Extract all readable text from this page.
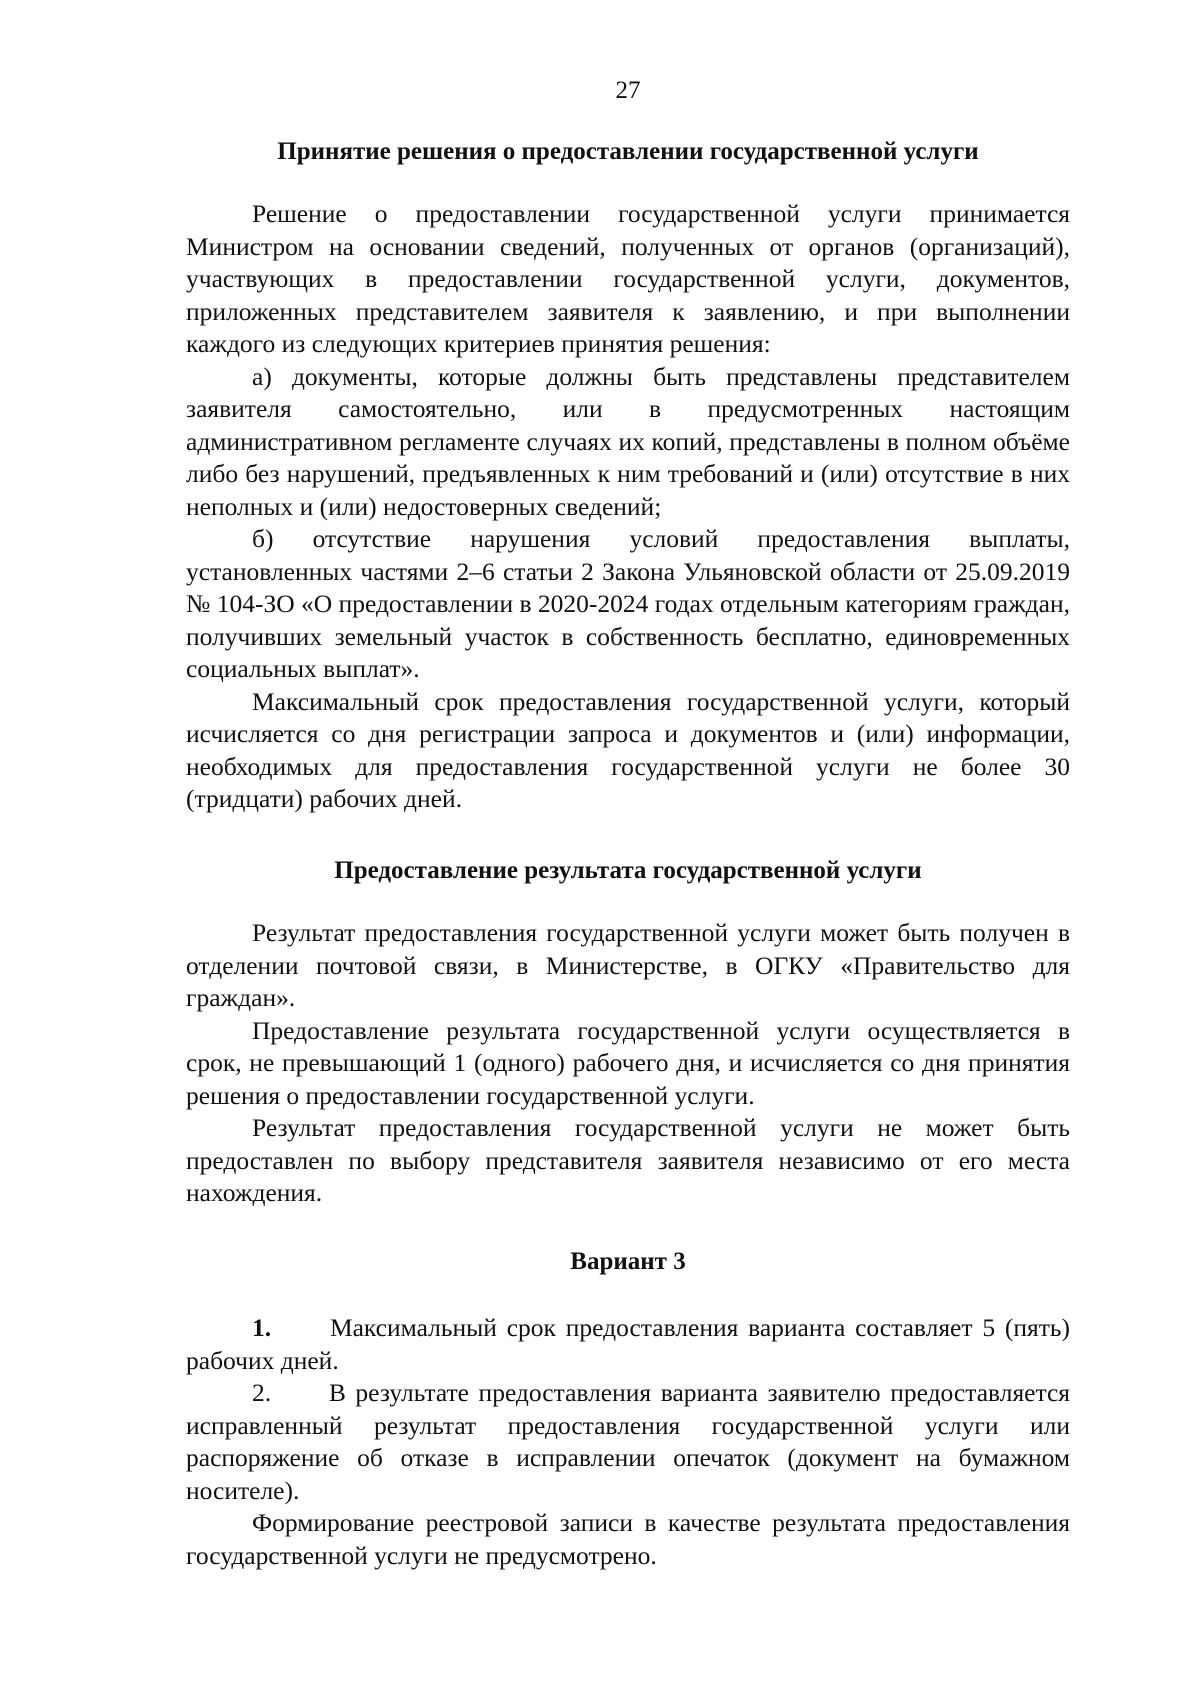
27

Принятие решения о предоставлении государственной услуги

Решение о предоставлении государственной услуги принимается Министром на основании сведений, полученных от органов (организаций), участвующих в предоставлении государственной услуги, документов, приложенных представителем заявителя к заявлению, и при выполнении каждого из следующих критериев принятия решения:

а) документы, которые должны быть представлены представителем заявителя самостоятельно, или в предусмотренных настоящим административном регламенте случаях их копий, представлены в полном объёме либо без нарушений, предъявленных к ним требований и (или) отсутствие в них неполных и (или) недостоверных сведений;

б) отсутствие нарушения условий предоставления выплаты, установленных частями 2–6 статьи 2 Закона Ульяновской области от 25.09.2019 № 104-ЗО «О предоставлении в 2020-2024 годах отдельным категориям граждан, получивших земельный участок в собственность бесплатно, единовременных социальных выплат».

Максимальный срок предоставления государственной услуги, который исчисляется со дня регистрации запроса и документов и (или) информации, необходимых для предоставления государственной услуги не более 30 (тридцати) рабочих дней.

Предоставление результата государственной услуги

Результат предоставления государственной услуги может быть получен в отделении почтовой связи, в Министерстве, в ОГКУ «Правительство для граждан».

Предоставление результата государственной услуги осуществляется в срок, не превышающий 1 (одного) рабочего дня, и исчисляется со дня принятия решения о предоставлении государственной услуги.

Результат предоставления государственной услуги не может быть предоставлен по выбору представителя заявителя независимо от его места нахождения.

Вариант 3

1. Максимальный срок предоставления варианта составляет 5 (пять) рабочих дней.

2. В результате предоставления варианта заявителю предоставляется исправленный результат предоставления государственной услуги или распоряжение об отказе в исправлении опечаток (документ на бумажном носителе).

Формирование реестровой записи в качестве результата предоставления государственной услуги не предусмотрено.
